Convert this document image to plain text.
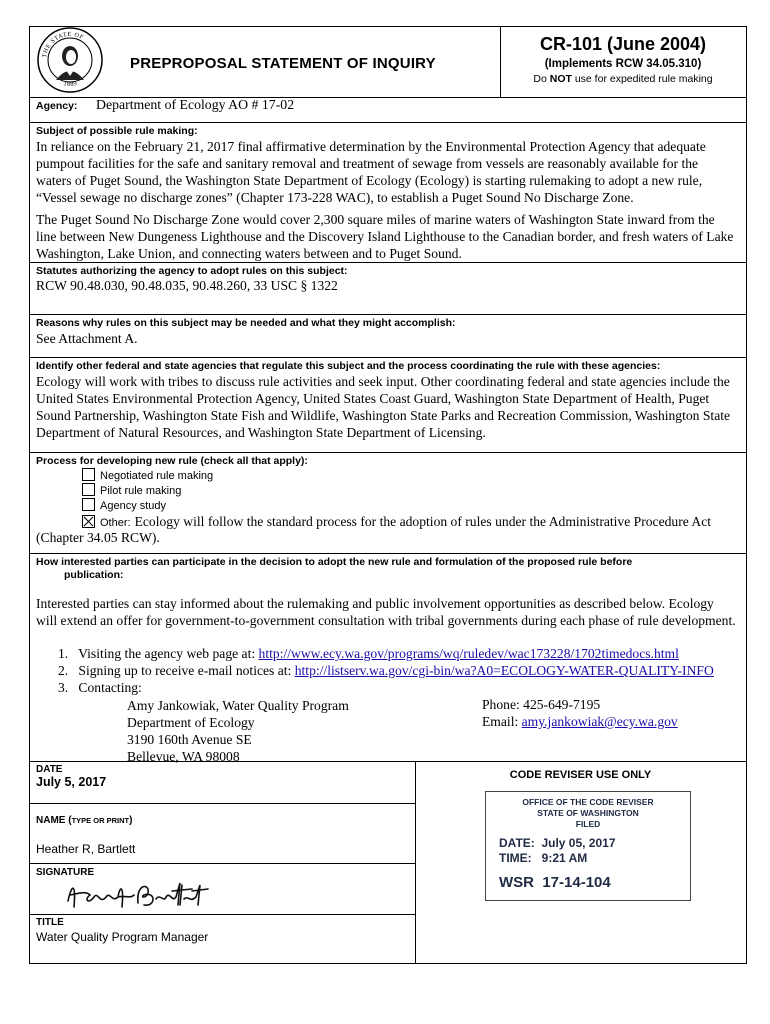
THE STATE OF
1889
PREPROPOSAL STATEMENT OF INQUIRY
CR-101 (June 2004)
(Implements RCW 34.05.310)
Do NOT use for expedited rule making
Agency: Department of Ecology AO # 17-02
Subject of possible rule making:
In reliance on the February 21, 2017 final affirmative determination by the Environmental Protection Agency that adequate pumpout facilities for the safe and sanitary removal and treatment of sewage from vessels are reasonably available for the waters of Puget Sound, the Washington State Department of Ecology (Ecology) is starting rulemaking to adopt a new rule, “Vessel sewage no discharge zones” (Chapter 173-228 WAC), to establish a Puget Sound No Discharge Zone.
The Puget Sound No Discharge Zone would cover 2,300 square miles of marine waters of Washington State inward from the line between New Dungeness Lighthouse and the Discovery Island Lighthouse to the Canadian border, and fresh waters of Lake Washington, Lake Union, and connecting waters between and to Puget Sound.
Statutes authorizing the agency to adopt rules on this subject:
RCW 90.48.030, 90.48.035, 90.48.260, 33 USC § 1322
Reasons why rules on this subject may be needed and what they might accomplish:
See Attachment A.
Identify other federal and state agencies that regulate this subject and the process coordinating the rule with these agencies:
Ecology will work with tribes to discuss rule activities and seek input. Other coordinating federal and state agencies include the United States Environmental Protection Agency, United States Coast Guard, Washington State Department of Health, Puget Sound Partnership, Washington State Fish and Wildlife, Washington State Parks and Recreation Commission, Washington State Department of Natural Resources, and Washington State Department of Licensing.
Process for developing new rule (check all that apply):
Negotiated rule making
Pilot rule making
Agency study
Other: Ecology will follow the standard process for the adoption of rules under the Administrative Procedure Act
(Chapter 34.05 RCW).
How interested parties can participate in the decision to adopt the new rule and formulation of the proposed rule before
publication:
Interested parties can stay informed about the rulemaking and public involvement opportunities as described below. Ecology will extend an offer for government-to-government consultation with tribal governments during each phase of rule development.
1. Visiting the agency web page at: http://www.ecy.wa.gov/programs/wq/ruledev/wac173228/1702timedocs.html
2. Signing up to receive e-mail notices at: http://listserv.wa.gov/cgi-bin/wa?A0=ECOLOGY-WATER-QUALITY-INFO
3. Contacting:
Amy Jankowiak, Water Quality Program
Department of Ecology
3190 160th Avenue SE
Bellevue, WA 98008
Phone: 425-649-7195
Email: amy.jankowiak@ecy.wa.gov
DATE
July 5, 2017
NAME (TYPE OR PRINT)
Heather R, Bartlett
SIGNATURE
TITLE
Water Quality Program Manager
CODE REVISER USE ONLY
OFFICE OF THE CODE REVISER
STATE OF WASHINGTON
FILED
DATE:  July 05, 2017
TIME:   9:21 AM
WSR  17-14-104
